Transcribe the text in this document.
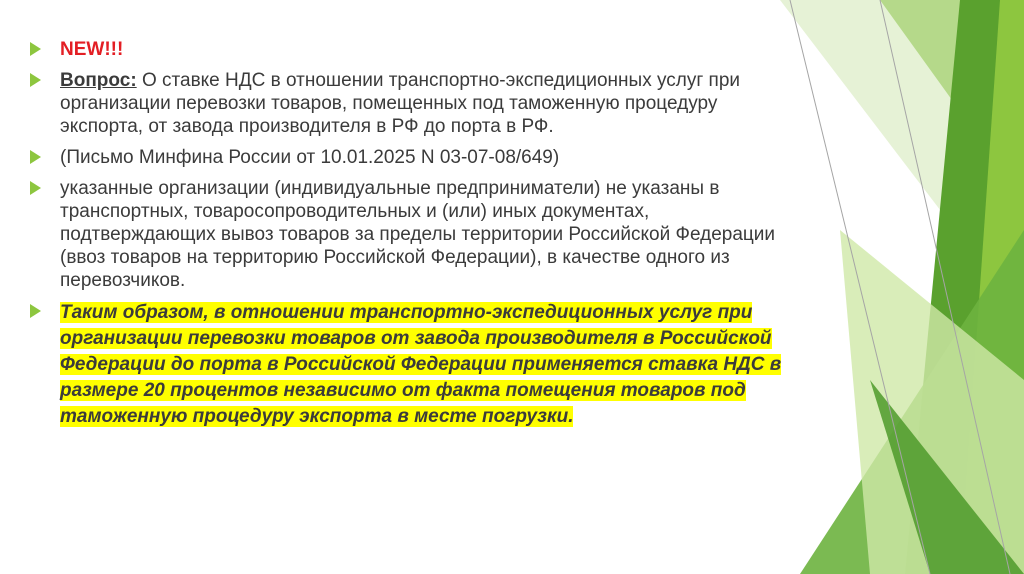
NEW!!!
Вопрос: О ставке НДС в отношении транспортно-экспедиционных услуг при организации перевозки товаров, помещенных под таможенную процедуру экспорта, от завода производителя в РФ до порта в РФ.
(Письмо Минфина России от 10.01.2025 N 03-07-08/649)
указанные организации (индивидуальные предприниматели) не указаны в транспортных, товаросопроводительных и (или) иных документах, подтверждающих вывоз товаров за пределы территории Российской Федерации (ввоз товаров на территорию Российской Федерации), в качестве одного из перевозчиков.
Таким образом, в отношении транспортно-экспедиционных услуг при организации перевозки товаров от завода производителя в Российской Федерации до порта в Российской Федерации применяется ставка НДС в размере 20 процентов независимо от факта помещения товаров под таможенную процедуру экспорта в месте погрузки.
